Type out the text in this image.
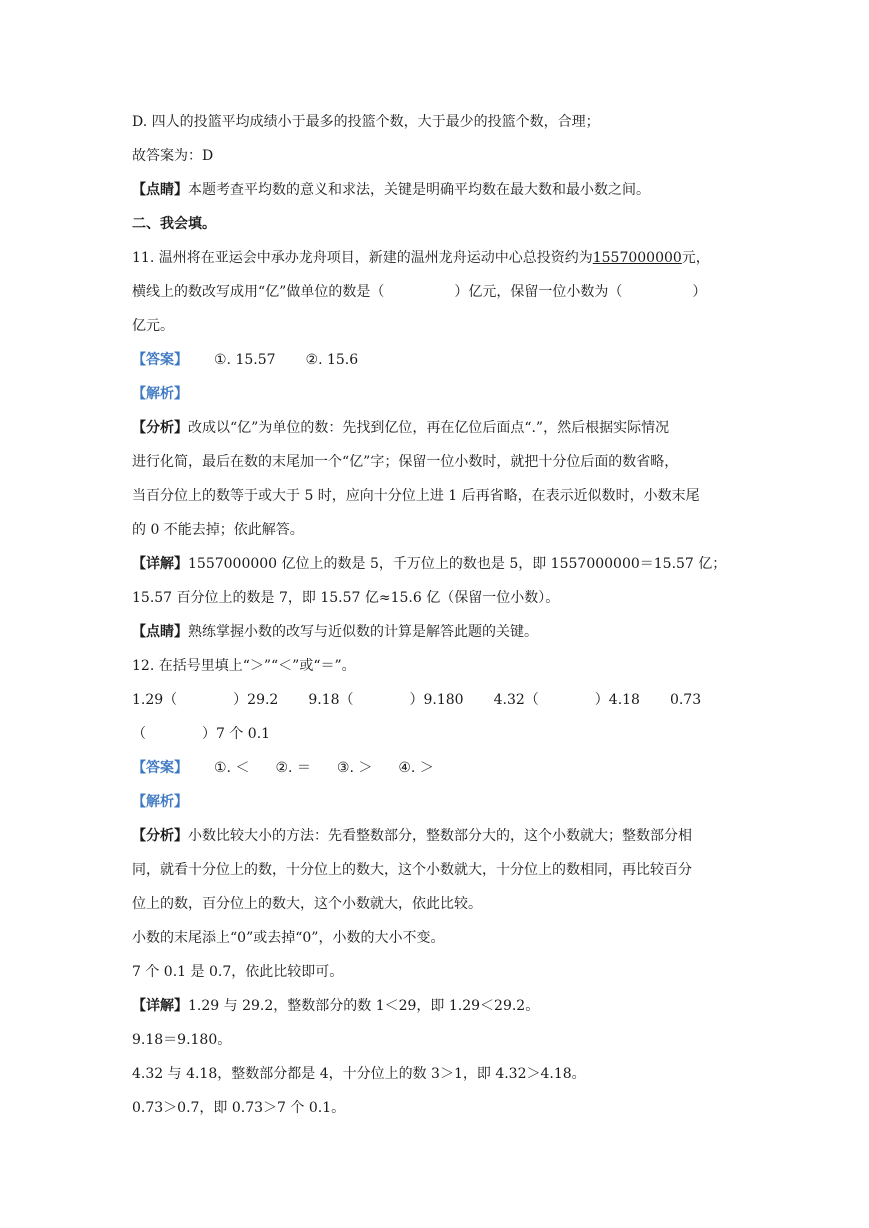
D. 四人的投篮平均成绩小于最多的投篮个数，大于最少的投篮个数，合理；
故答案为：D
【点睛】本题考查平均数的意义和求法，关键是明确平均数在最大数和最小数之间。
二、我会填。
11. 温州将在亚运会中承办龙舟项目，新建的温州龙舟运动中心总投资约为1557000000元，
横线上的数改写成用“亿”做单位的数是（	）亿元，保留一位小数为（	）
亿元。
【答案】 ①. 15.57 ②. 15.6
【解析】
【分析】改成以“亿”为单位的数：先找到亿位，再在亿位后面点“.”，然后根据实际情况
进行化简，最后在数的末尾加一个“亿”字；保留一位小数时，就把十分位后面的数省略，
当百分位上的数等于或大于 5 时，应向十分位上进 1 后再省略，在表示近似数时，小数末尾
的 0 不能去掉；依此解答。
【详解】1557000000 亿位上的数是 5，千万位上的数也是 5，即 1557000000＝15.57 亿；
15.57 百分位上的数是 7，即 15.57 亿≈15.6 亿（保留一位小数）。
【点睛】熟练掌握小数的改写与近似数的计算是解答此题的关键。
12. 在括号里填上“＞”“＜”或“＝”。
1.29（	）29.2 9.18（	）9.180 4.32（	）4.18 0.73
（	）7 个 0.1
【答案】 ①. ＜ ②. ＝ ③. ＞ ④. ＞
【解析】
【分析】小数比较大小的方法：先看整数部分，整数部分大的，这个小数就大；整数部分相
同，就看十分位上的数，十分位上的数大，这个小数就大，十分位上的数相同，再比较百分
位上的数，百分位上的数大，这个小数就大，依此比较。
小数的末尾添上“0”或去掉“0”，小数的大小不变。
7 个 0.1 是 0.7，依此比较即可。
【详解】1.29 与 29.2，整数部分的数 1＜29，即 1.29＜29.2。
9.18＝9.180。
4.32 与 4.18，整数部分都是 4，十分位上的数 3＞1，即 4.32＞4.18。
0.73＞0.7，即 0.73＞7 个 0.1。
